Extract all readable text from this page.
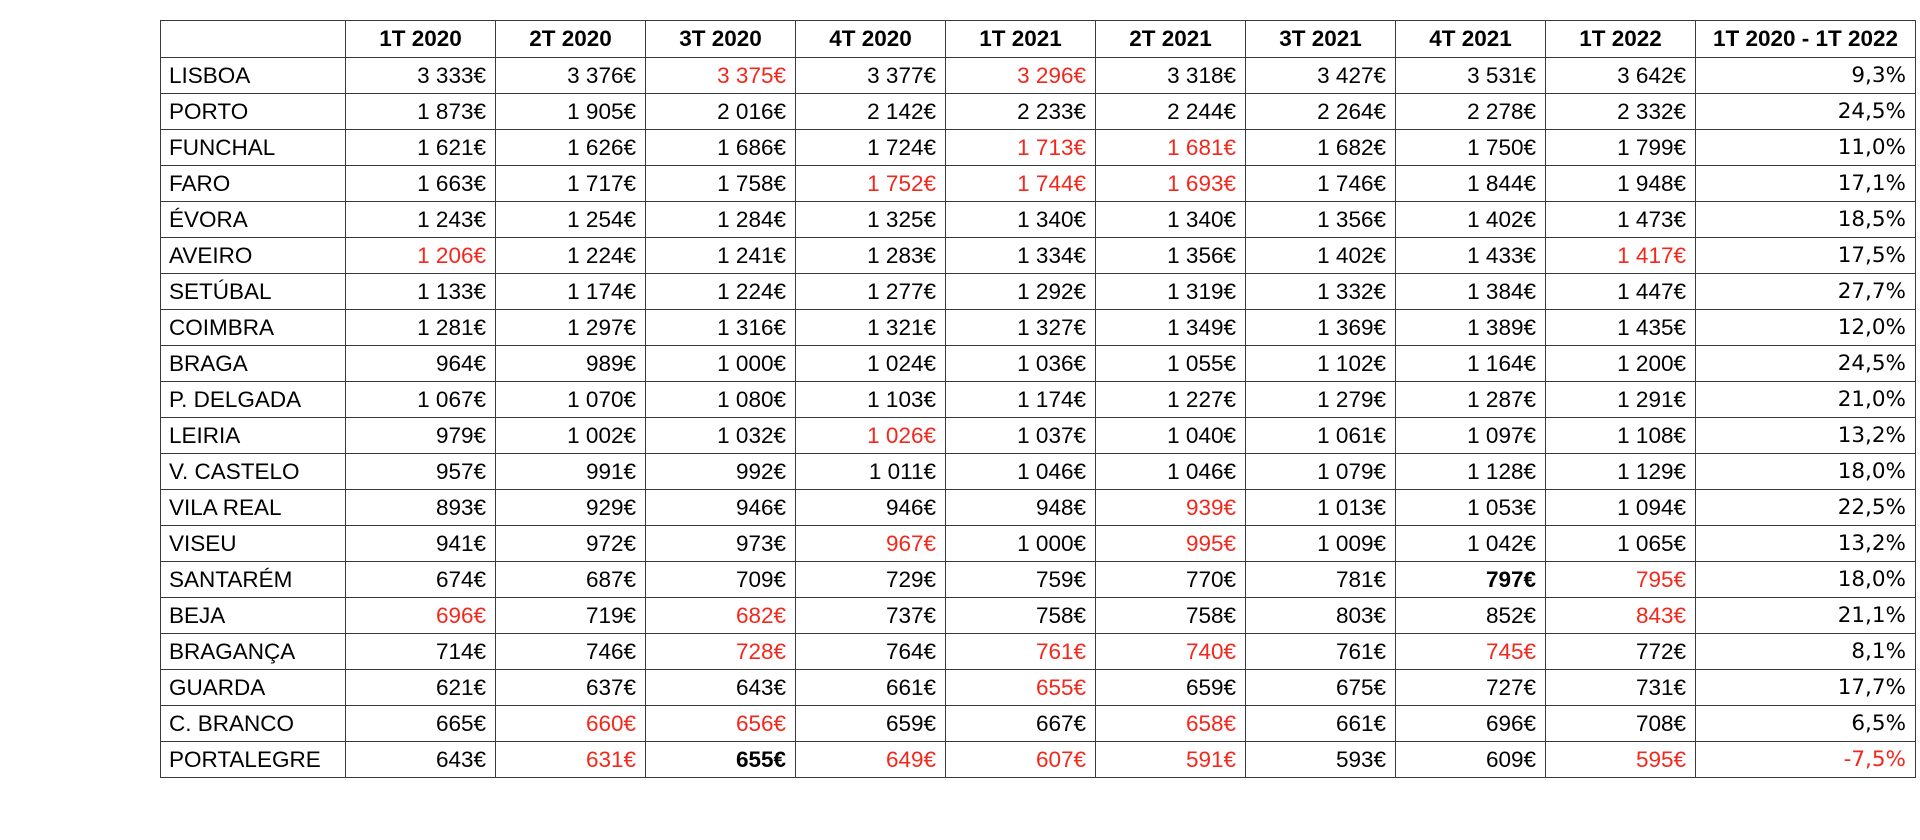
	1T 2020	2T 2020	3T 2020	4T 2020	1T 2021	2T 2021	3T 2021	4T 2021	1T 2022	1T 2020 - 1T 2022
LISBOA	3 333€	3 376€	3 375€	3 377€	3 296€	3 318€	3 427€	3 531€	3 642€	9,3%
PORTO	1 873€	1 905€	2 016€	2 142€	2 233€	2 244€	2 264€	2 278€	2 332€	24,5%
FUNCHAL	1 621€	1 626€	1 686€	1 724€	1 713€	1 681€	1 682€	1 750€	1 799€	11,0%
FARO	1 663€	1 717€	1 758€	1 752€	1 744€	1 693€	1 746€	1 844€	1 948€	17,1%
ÉVORA	1 243€	1 254€	1 284€	1 325€	1 340€	1 340€	1 356€	1 402€	1 473€	18,5%
AVEIRO	1 206€	1 224€	1 241€	1 283€	1 334€	1 356€	1 402€	1 433€	1 417€	17,5%
SETÚBAL	1 133€	1 174€	1 224€	1 277€	1 292€	1 319€	1 332€	1 384€	1 447€	27,7%
COIMBRA	1 281€	1 297€	1 316€	1 321€	1 327€	1 349€	1 369€	1 389€	1 435€	12,0%
BRAGA	964€	989€	1 000€	1 024€	1 036€	1 055€	1 102€	1 164€	1 200€	24,5%
P. DELGADA	1 067€	1 070€	1 080€	1 103€	1 174€	1 227€	1 279€	1 287€	1 291€	21,0%
LEIRIA	979€	1 002€	1 032€	1 026€	1 037€	1 040€	1 061€	1 097€	1 108€	13,2%
V. CASTELO	957€	991€	992€	1 011€	1 046€	1 046€	1 079€	1 128€	1 129€	18,0%
VILA REAL	893€	929€	946€	946€	948€	939€	1 013€	1 053€	1 094€	22,5%
VISEU	941€	972€	973€	967€	1 000€	995€	1 009€	1 042€	1 065€	13,2%
SANTARÉM	674€	687€	709€	729€	759€	770€	781€	797€	795€	18,0%
BEJA	696€	719€	682€	737€	758€	758€	803€	852€	843€	21,1%
BRAGANÇA	714€	746€	728€	764€	761€	740€	761€	745€	772€	8,1%
GUARDA	621€	637€	643€	661€	655€	659€	675€	727€	731€	17,7%
C. BRANCO	665€	660€	656€	659€	667€	658€	661€	696€	708€	6,5%
PORTALEGRE	643€	631€	655€	649€	607€	591€	593€	609€	595€	-7,5%
